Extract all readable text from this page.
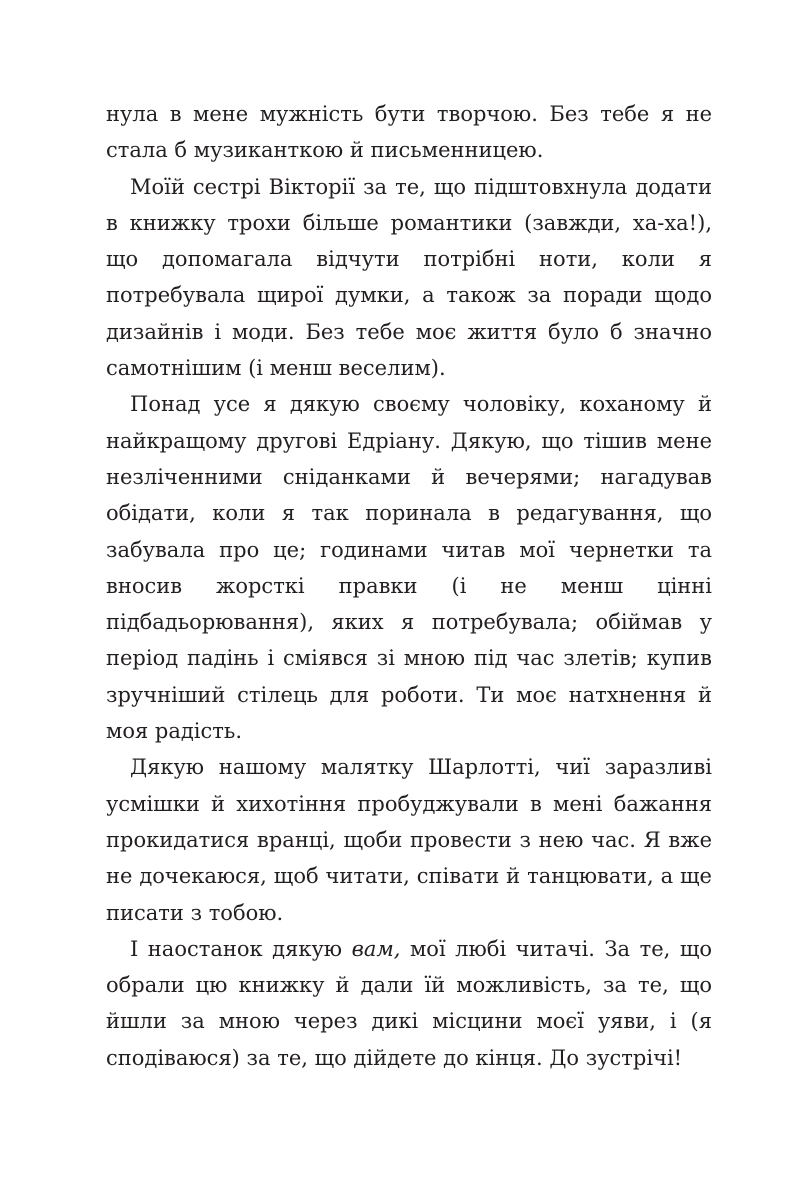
нула в мене мужність бути творчою. Без тебе я не стала б музиканткою й письменницею.

Моїй сестрі Вікторії за те, що підштовхнула додати в книжку трохи більше романтики (завжди, ха-ха!), що допомагала відчути потрібні ноти, коли я потребувала щирої думки, а також за поради щодо дизайнів і моди. Без тебе моє життя було б значно самотнішим (і менш веселим).

Понад усе я дякую своєму чоловіку, коханому й найкращому другові Едріану. Дякую, що тішив мене незліченними сніданками й вечерями; нагадував обідати, коли я так поринала в редагування, що забувала про це; годинами читав мої чернетки та вносив жорсткі правки (і не менш цінні підбадьорювання), яких я потребувала; обіймав у період падінь і сміявся зі мною під час злетів; купив зручніший стілець для роботи. Ти моє натхнення й моя радість.

Дякую нашому малятку Шарлотті, чиї заразливі усмішки й хихотіння пробуджували в мені бажання прокидатися вранці, щоби провести з нею час. Я вже не дочекаюся, щоб читати, співати й танцювати, а ще писати з тобою.

І наостанок дякую вам, мої любі читачі. За те, що обрали цю книжку й дали їй можливість, за те, що йшли за мною через дикі місцини моєї уяви, і (я сподіваюся) за те, що дійдете до кінця. До зустрічі!
